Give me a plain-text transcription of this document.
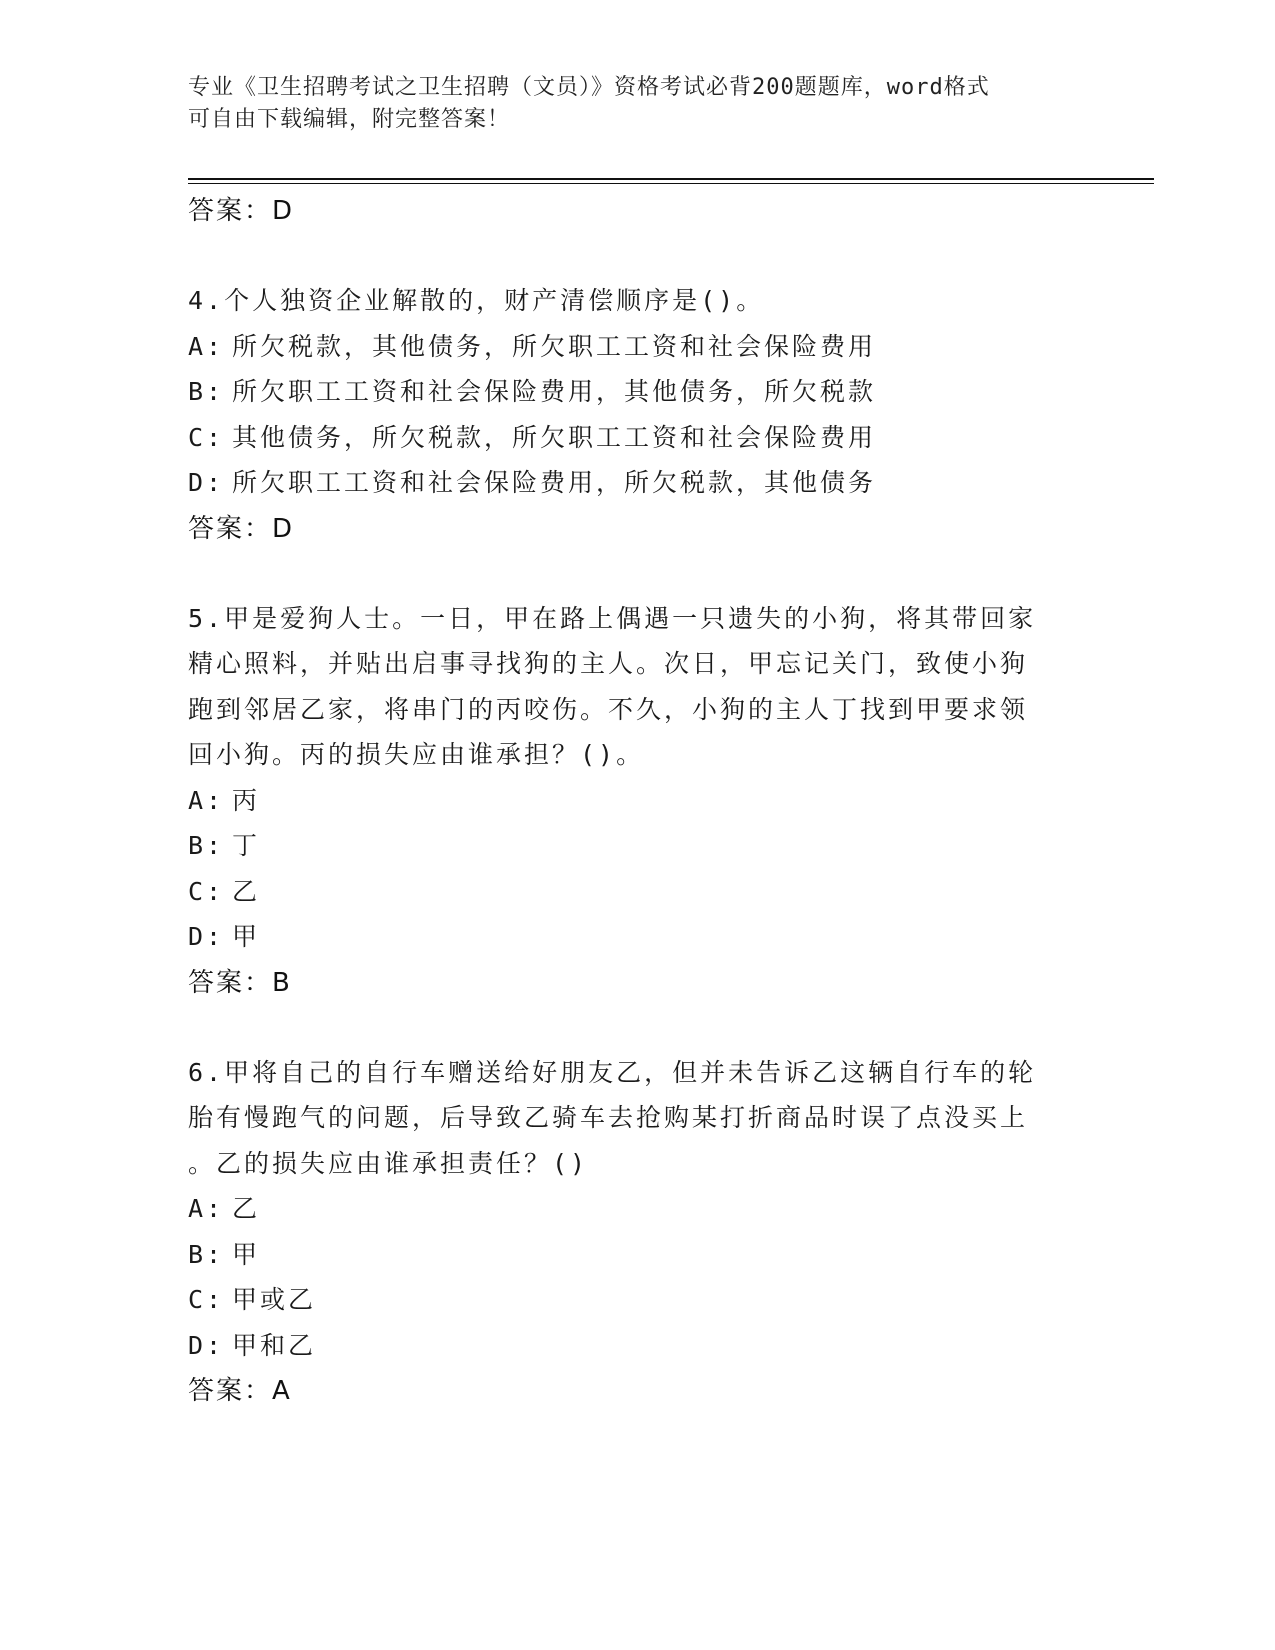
专业《卫生招聘考试之卫生招聘（文员）》资格考试必背200题题库，word格式
可自由下载编辑，附完整答案！
答案：D
4.个人独资企业解散的，财产清偿顺序是()。
A: 所欠税款，其他债务，所欠职工工资和社会保险费用
B: 所欠职工工资和社会保险费用，其他债务，所欠税款
C: 其他债务，所欠税款，所欠职工工资和社会保险费用
D: 所欠职工工资和社会保险费用，所欠税款，其他债务
答案：D
5.甲是爱狗人士。一日，甲在路上偶遇一只遗失的小狗，将其带回家
精心照料，并贴出启事寻找狗的主人。次日，甲忘记关门，致使小狗
跑到邻居乙家，将串门的丙咬伤。不久，小狗的主人丁找到甲要求领
回小狗。丙的损失应由谁承担？()。
A: 丙
B: 丁
C: 乙
D: 甲
答案：B
6.甲将自己的自行车赠送给好朋友乙，但并未告诉乙这辆自行车的轮
胎有慢跑气的问题，后导致乙骑车去抢购某打折商品时误了点没买上
。乙的损失应由谁承担责任？()
A: 乙
B: 甲
C: 甲或乙
D: 甲和乙
答案：A
